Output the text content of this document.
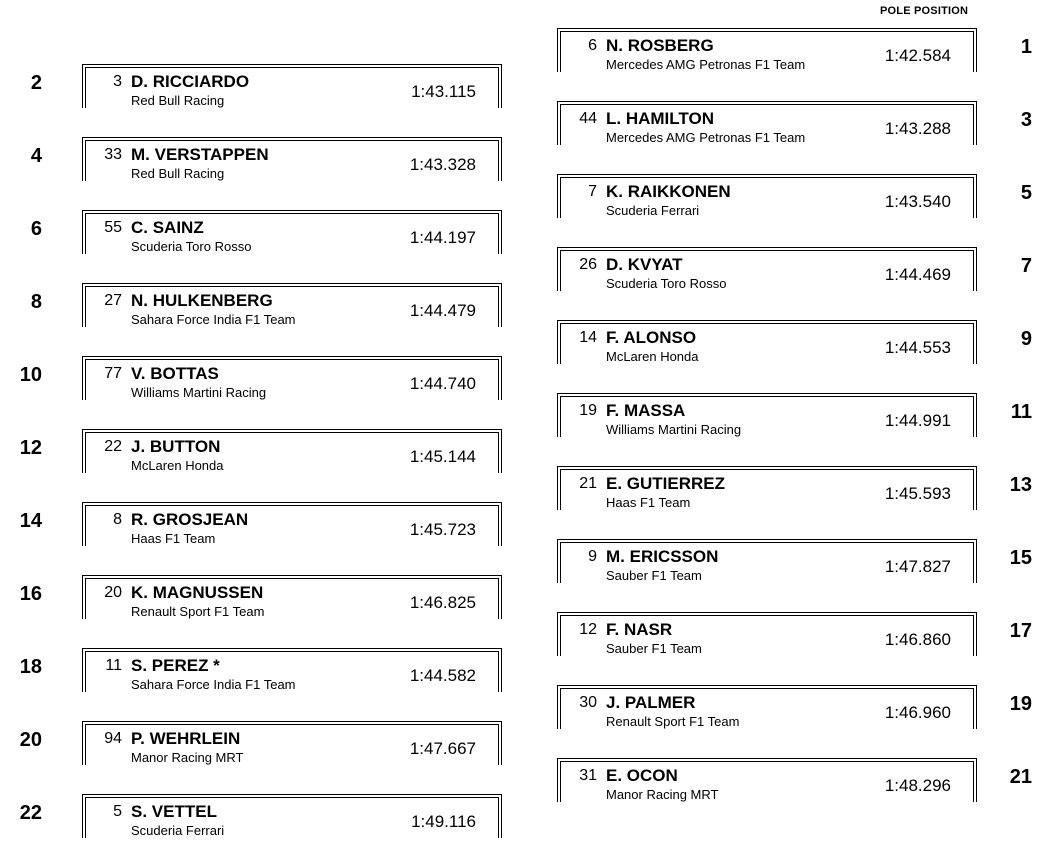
POLE POSITION
1
6 N. ROSBERG
Mercedes AMG Petronas F1 Team	1:42.584
3
44 L. HAMILTON
Mercedes AMG Petronas F1 Team	1:43.288
5
7 K. RAIKKONEN
Scuderia Ferrari	1:43.540
7
26 D. KVYAT
Scuderia Toro Rosso	1:44.469
9
14 F. ALONSO
McLaren Honda	1:44.553
11
19 F. MASSA
Williams Martini Racing	1:44.991
13
21 E. GUTIERREZ
Haas F1 Team	1:45.593
15
9 M. ERICSSON
Sauber F1 Team	1:47.827
17
12 F. NASR
Sauber F1 Team	1:46.860
19
30 J. PALMER
Renault Sport F1 Team	1:46.960
21
31 E. OCON
Manor Racing MRT	1:48.296
2	3 D. RICCIARDO
Red Bull Racing	1:43.115
4	33 M. VERSTAPPEN
Red Bull Racing	1:43.328
6	55 C. SAINZ
Scuderia Toro Rosso	1:44.197
8	27 N. HULKENBERG
Sahara Force India F1 Team	1:44.479
10	77 V. BOTTAS
Williams Martini Racing	1:44.740
12	22 J. BUTTON
McLaren Honda	1:45.144
14	8 R. GROSJEAN
Haas F1 Team	1:45.723
16	20 K. MAGNUSSEN
Renault Sport F1 Team	1:46.825
18	11 S. PEREZ *
Sahara Force India F1 Team	1:44.582
20	94 P. WEHRLEIN
Manor Racing MRT	1:47.667
22	5 S. VETTEL
Scuderia Ferrari	1:49.116
